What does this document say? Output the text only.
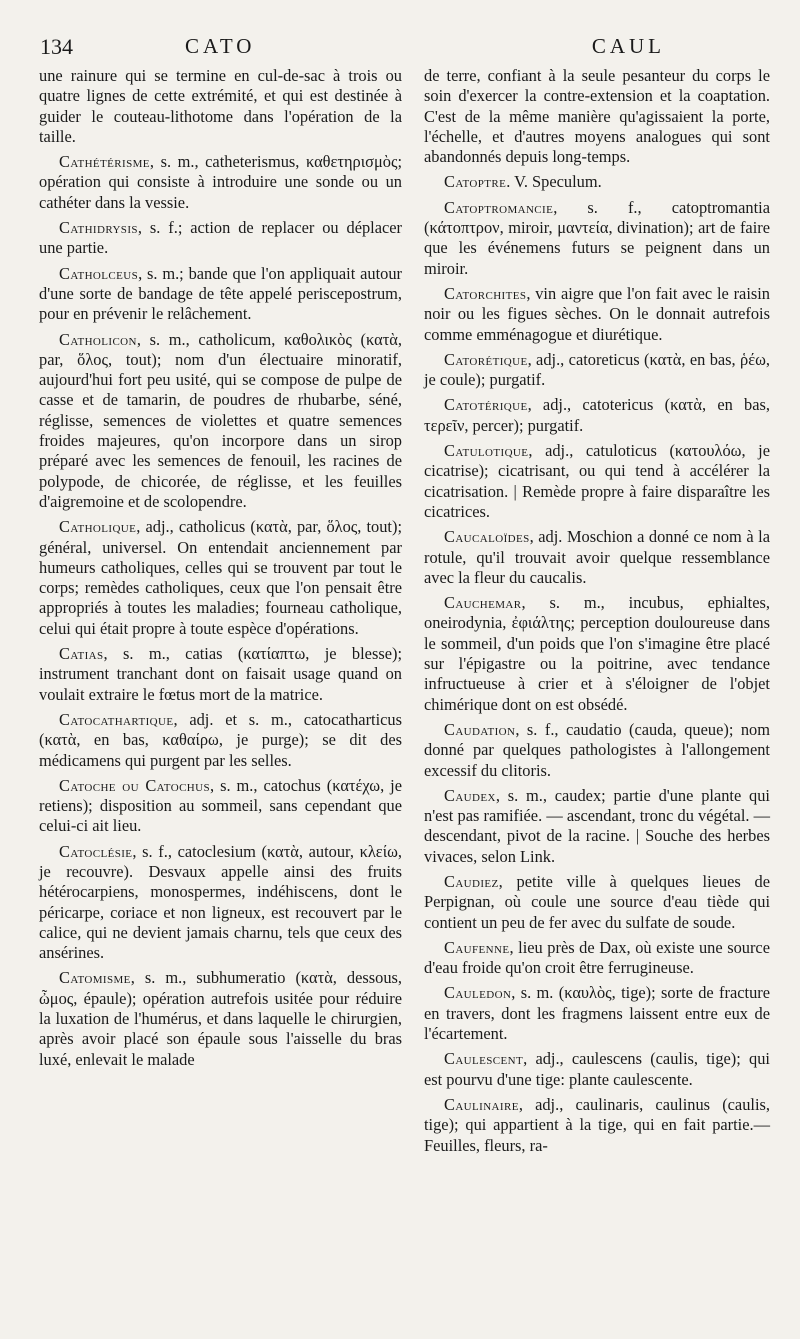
134	CATO	CAUL

une rainure qui se termine en cul-de-sac à trois ou quatre lignes de cette extrémité, et qui est destinée à guider le couteau-lithotome dans l'opération de la taille.

Cathétérisme, s. m., catheterismus, καθετηρισμὸς; opération qui consiste à introduire une sonde ou un cathéter dans la vessie.

Cathidrysis, s. f.; action de replacer ou déplacer une partie.

Catholceus, s. m.; bande que l'on appliquait autour d'une sorte de bandage de tête appelé periscepostrum, pour en prévenir le relâchement.

Catholicon, s. m., catholicum, καθολικὸς (κατὰ, par, ὅλος, tout); nom d'un électuaire minoratif, aujourd'hui fort peu usité, qui se compose de pulpe de casse et de tamarin, de poudres de rhubarbe, séné, réglisse, semences de violettes et quatre semences froides majeures, qu'on incorpore dans un sirop préparé avec les semences de fenouil, les racines de polypode, de chicorée, de réglisse, et les feuilles d'aigremoine et de scolopendre.

Catholique, adj., catholicus (κατὰ, par, ὅλος, tout); général, universel. On entendait anciennement par humeurs catholiques, celles qui se trouvent par tout le corps; remèdes catholiques, ceux que l'on pensait être appropriés à toutes les maladies; fourneau catholique, celui qui était propre à toute espèce d'opérations.

Catias, s. m., catias (κατίαπτω, je blesse); instrument tranchant dont on faisait usage quand on voulait extraire le fœtus mort de la matrice.

Catocathartique, adj. et s. m., catocatharticus (κατὰ, en bas, καθαίρω, je purge); se dit des médicamens qui purgent par les selles.

Catoche ou Catochus, s. m., catochus (κατέχω, je retiens); disposition au sommeil, sans cependant que celui-ci ait lieu.

Catoclésie, s. f., catoclesium (κατὰ, autour, κλείω, je recouvre). Desvaux appelle ainsi des fruits hétérocarpiens, monospermes, indéhiscens, dont le péricarpe, coriace et non ligneux, est recouvert par le calice, qui ne devient jamais charnu, tels que ceux des ansérines.

Catomisme, s. m., subhumeratio (κατὰ, dessous, ὦμος, épaule); opération autrefois usitée pour réduire la luxation de l'humérus, et dans laquelle le chirurgien, après avoir placé son épaule sous l'aisselle du bras luxé, enlevait le malade

de terre, confiant à la seule pesanteur du corps le soin d'exercer la contre-extension et la coaptation. C'est de la même manière qu'agissaient la porte, l'échelle, et d'autres moyens analogues qui sont abandonnés depuis long-temps.

Catoptre. V. Speculum.

Catoptromancie, s. f., catoptromantia (κάτοπτρον, miroir, μαντεία, divination); art de faire que les événemens futurs se peignent dans un miroir.

Catorchites, vin aigre que l'on fait avec le raisin noir ou les figues sèches. On le donnait autrefois comme emménagogue et diurétique.

Catorétique, adj., catoreticus (κατὰ, en bas, ῥέω, je coule); purgatif.

Catotérique, adj., catotericus (κατὰ, en bas, τερεῖν, percer); purgatif.

Catulotique, adj., catuloticus (κατουλόω, je cicatrise); cicatrisant, ou qui tend à accélérer la cicatrisation. | Remède propre à faire disparaître les cicatrices.

Caucaloïdes, adj. Moschion a donné ce nom à la rotule, qu'il trouvait avoir quelque ressemblance avec la fleur du caucalis.

Cauchemar, s. m., incubus, ephialtes, oneirodynia, ἐφιάλτης; perception douloureuse dans le sommeil, d'un poids que l'on s'imagine être placé sur l'épigastre ou la poitrine, avec tendance infructueuse à crier et à s'éloigner de l'objet chimérique dont on est obsédé.

Caudation, s. f., caudatio (cauda, queue); nom donné par quelques pathologistes à l'allongement excessif du clitoris.

Caudex, s. m., caudex; partie d'une plante qui n'est pas ramifiée. — ascendant, tronc du végétal. — descendant, pivot de la racine. | Souche des herbes vivaces, selon Link.

Caudiez, petite ville à quelques lieues de Perpignan, où coule une source d'eau tiède qui contient un peu de fer avec du sulfate de soude.

Caufenne, lieu près de Dax, où existe une source d'eau froide qu'on croit être ferrugineuse.

Cauledon, s. m. (καυλὸς, tige); sorte de fracture en travers, dont les fragmens laissent entre eux de l'écartement.

Caulescent, adj., caulescens (caulis, tige); qui est pourvu d'une tige: plante caulescente.

Caulinaire, adj., caulinaris, caulinus (caulis, tige); qui appartient à la tige, qui en fait partie.—Feuilles, fleurs, ra-
